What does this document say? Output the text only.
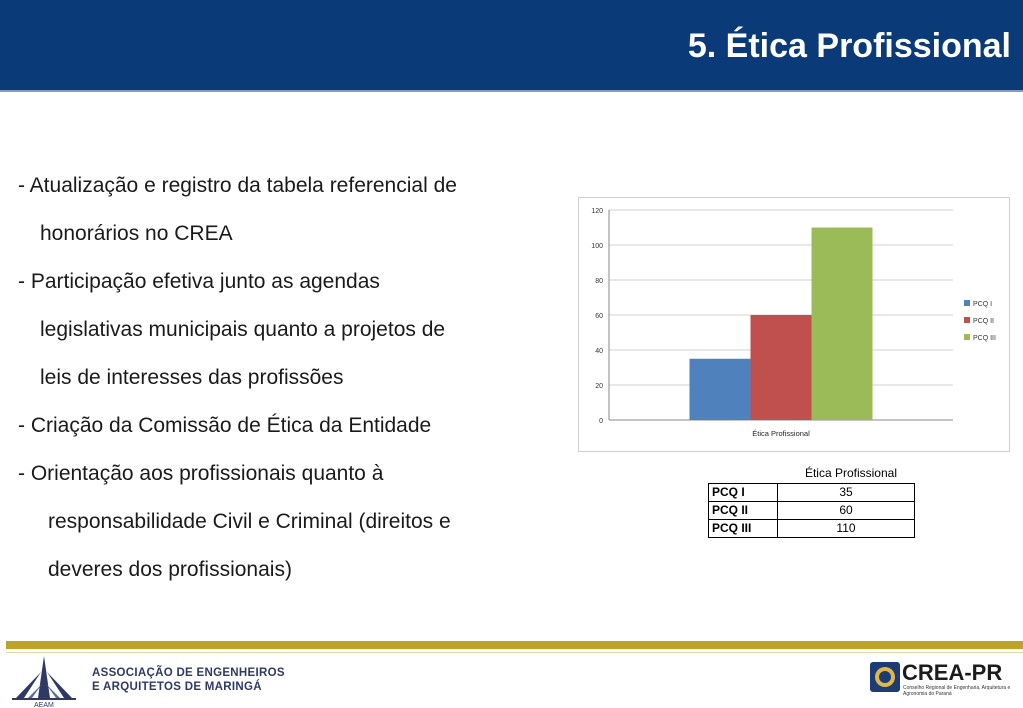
5. Ética Profissional
- Atualização e registro da tabela referencial de
honorários no CREA
- Participação efetiva junto as agendas
legislativas municipais quanto a projetos de
leis de interesses das profissões
- Criação da Comissão de Ética da Entidade
- Orientação aos profissionais quanto à
responsabilidade Civil e Criminal (direitos e
deveres dos profissionais)
0
20
40
60
80
100
120
Ética Profissional
PCQ I
PCQ II
PCQ III
Ética Profissional
PCQ I	35
PCQ II	60
PCQ III	110
AEAM
ASSOCIAÇÃO DE ENGENHEIROS
E ARQUITETOS DE MARINGÁ
CREA-PR
Conselho Regional de Engenharia, Arquitetura e Agronomia do Paraná
